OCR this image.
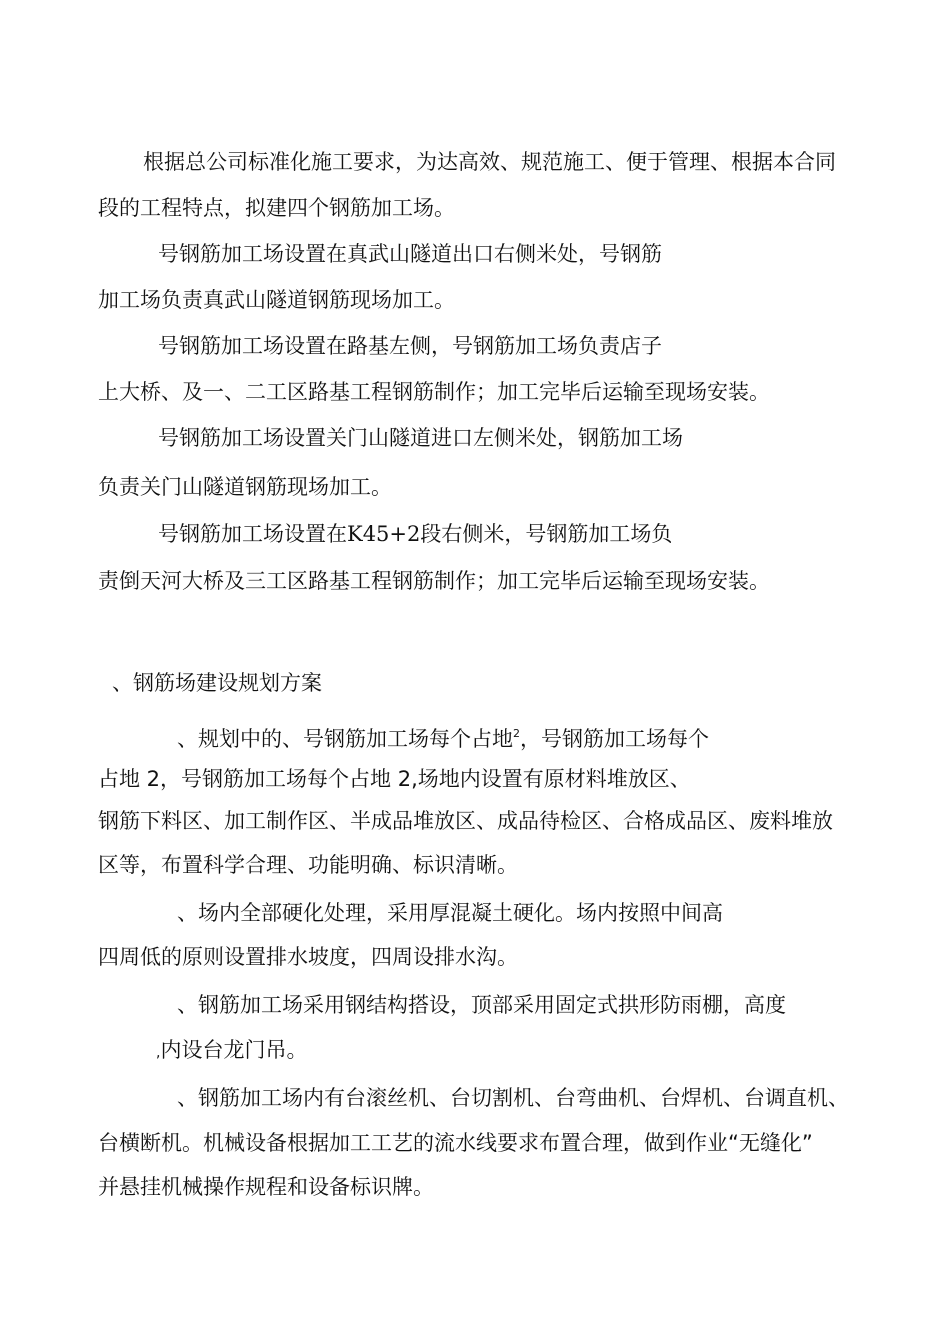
根据总公司标准化施工要求，为达高效、规范施工、便于管理、根据本合同
段的工程特点，拟建四个钢筋加工场。
号钢筋加工场设置在真武山隧道出口右侧米处，号钢筋
加工场负责真武山隧道钢筋现场加工。
号钢筋加工场设置在路基左侧，号钢筋加工场负责店子
上大桥、及一、二工区路基工程钢筋制作；加工完毕后运输至现场安装。
号钢筋加工场设置关门山隧道进口左侧米处，钢筋加工场
负责关门山隧道钢筋现场加工。
号钢筋加工场设置在K45+2段右侧米，号钢筋加工场负
责倒天河大桥及三工区路基工程钢筋制作；加工完毕后运输至现场安装。
、钢筋场建设规划方案
、规划中的、号钢筋加工场每个占地$^2$，号钢筋加工场每个
占地 2，号钢筋加工场每个占地 2,场地内设置有原材料堆放区、
钢筋下料区、加工制作区、半成品堆放区、成品待检区、合格成品区、废料堆放
区等，布置科学合理、功能明确、标识清晰。
、场内全部硬化处理，采用厚混凝土硬化。场内按照中间高
四周低的原则设置排水坡度，四周设排水沟。
、钢筋加工场采用钢结构搭设，顶部采用固定式拱形防雨棚，高度
,内设台龙门吊。
、钢筋加工场内有台滚丝机、台切割机、台弯曲机、台焊机、台调直机、
台横断机。机械设备根据加工工艺的流水线要求布置合理，做到作业“无缝化”
并悬挂机械操作规程和设备标识牌。
